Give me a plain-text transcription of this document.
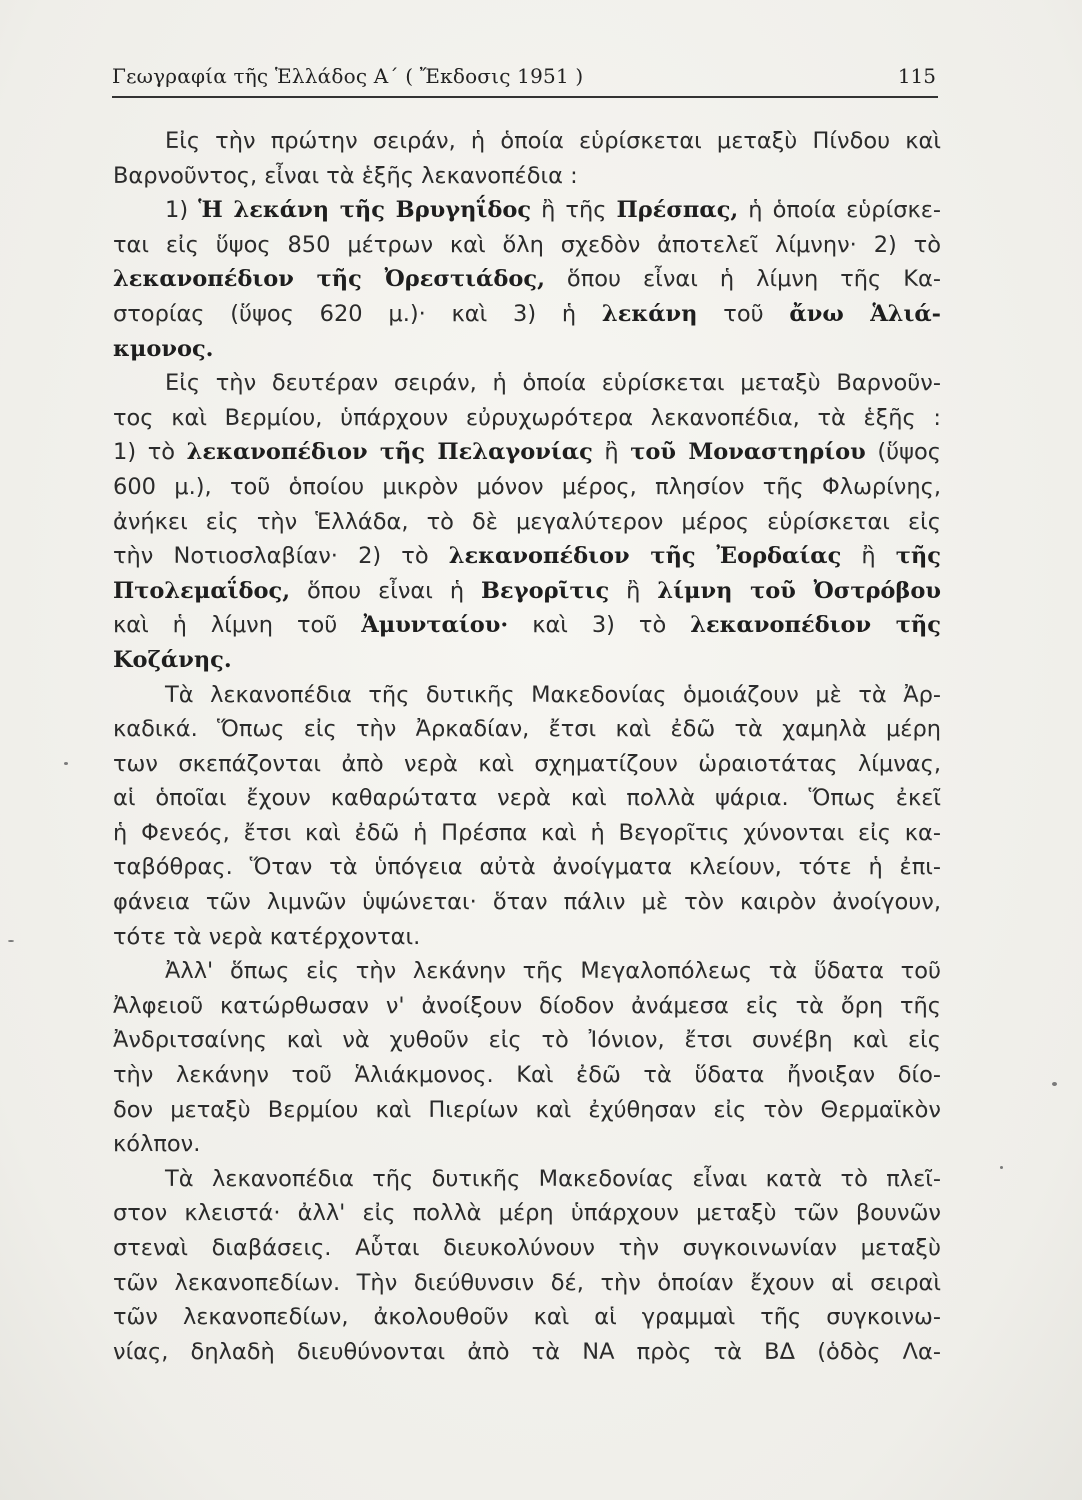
Γεωγραφία τῆς Ἑλλάδος Α΄ ( Ἔκδοσις 1951 )	115
Εἰς τὴν πρώτην σειράν, ἡ ὁποία εὑρίσκεται μεταξὺ Πίνδου καὶ
Βαρνοῦντος, εἶναι τὰ ἑξῆς λεκανοπέδια :
1) Ἡ λεκάνη τῆς Βρυγηΐδος ἢ τῆς Πρέσπας, ἡ ὁποία εὑρίσκε-
ται εἰς ὕψος 850 μέτρων καὶ ὅλη σχεδὸν ἀποτελεῖ λίμνην· 2) τὸ
λεκανοπέδιον τῆς Ὀρεστιάδος, ὅπου εἶναι ἡ λίμνη τῆς Κα-
στορίας (ὕψος 620 μ.)· καὶ 3) ἡ λεκάνη τοῦ ἄνω Ἁλιά-
κμονος.
Εἰς τὴν δευτέραν σειράν, ἡ ὁποία εὑρίσκεται μεταξὺ Βαρνοῦν-
τος καὶ Βερμίου, ὑπάρχουν εὐρυχωρότερα λεκανοπέδια, τὰ ἑξῆς :
1) τὸ λεκανοπέδιον τῆς Πελαγονίας ἢ τοῦ Μοναστηρίου (ὕψος
600 μ.), τοῦ ὁποίου μικρὸν μόνον μέρος, πλησίον τῆς Φλωρίνης,
ἀνήκει εἰς τὴν Ἑλλάδα, τὸ δὲ μεγαλύτερον μέρος εὑρίσκεται εἰς
τὴν Νοτιοσλαβίαν· 2) τὸ λεκανοπέδιον τῆς Ἐορδαίας ἢ τῆς
Πτολεμαΐδος, ὅπου εἶναι ἡ Βεγορῖτις ἢ λίμνη τοῦ Ὀστρόβου
καὶ ἡ λίμνη τοῦ Ἀμυνταίου· καὶ 3) τὸ λεκανοπέδιον τῆς
Κοζάνης.
Τὰ λεκανοπέδια τῆς δυτικῆς Μακεδονίας ὁμοιάζουν μὲ τὰ Ἀρ-
καδικά. Ὅπως εἰς τὴν Ἀρκαδίαν, ἔτσι καὶ ἐδῶ τὰ χαμηλὰ μέρη
των σκεπάζονται ἀπὸ νερὰ καὶ σχηματίζουν ὡραιοτάτας λίμνας,
αἱ ὁποῖαι ἔχουν καθαρώτατα νερὰ καὶ πολλὰ ψάρια. Ὅπως ἐκεῖ
ἡ Φενεός, ἔτσι καὶ ἐδῶ ἡ Πρέσπα καὶ ἡ Βεγορῖτις χύνονται εἰς κα-
ταβόθρας. Ὅταν τὰ ὑπόγεια αὐτὰ ἀνοίγματα κλείουν, τότε ἡ ἐπι-
φάνεια τῶν λιμνῶν ὑψώνεται· ὅταν πάλιν μὲ τὸν καιρὸν ἀνοίγουν,
τότε τὰ νερὰ κατέρχονται.
Ἀλλ' ὅπως εἰς τὴν λεκάνην τῆς Μεγαλοπόλεως τὰ ὕδατα τοῦ
Ἀλφειοῦ κατώρθωσαν ν' ἀνοίξουν δίοδον ἀνάμεσα εἰς τὰ ὄρη τῆς
Ἀνδριτσαίνης καὶ νὰ χυθοῦν εἰς τὸ Ἰόνιον, ἔτσι συνέβη καὶ εἰς
τὴν λεκάνην τοῦ Ἁλιάκμονος. Καὶ ἐδῶ τὰ ὕδατα ἤνοιξαν δίο-
δον μεταξὺ Βερμίου καὶ Πιερίων καὶ ἐχύθησαν εἰς τὸν Θερμαϊκὸν
κόλπον.
Τὰ λεκανοπέδια τῆς δυτικῆς Μακεδονίας εἶναι κατὰ τὸ πλεῖ-
στον κλειστά· ἀλλ' εἰς πολλὰ μέρη ὑπάρχουν μεταξὺ τῶν βουνῶν
στεναὶ διαβάσεις. Αὗται διευκολύνουν τὴν συγκοινωνίαν μεταξὺ
τῶν λεκανοπεδίων. Τὴν διεύθυνσιν δέ, τὴν ὁποίαν ἔχουν αἱ σειραὶ
τῶν λεκανοπεδίων, ἀκολουθοῦν καὶ αἱ γραμμαὶ τῆς συγκοινω-
νίας, δηλαδὴ διευθύνονται ἀπὸ τὰ ΝΑ πρὸς τὰ ΒΔ (ὁδὸς Λα-
